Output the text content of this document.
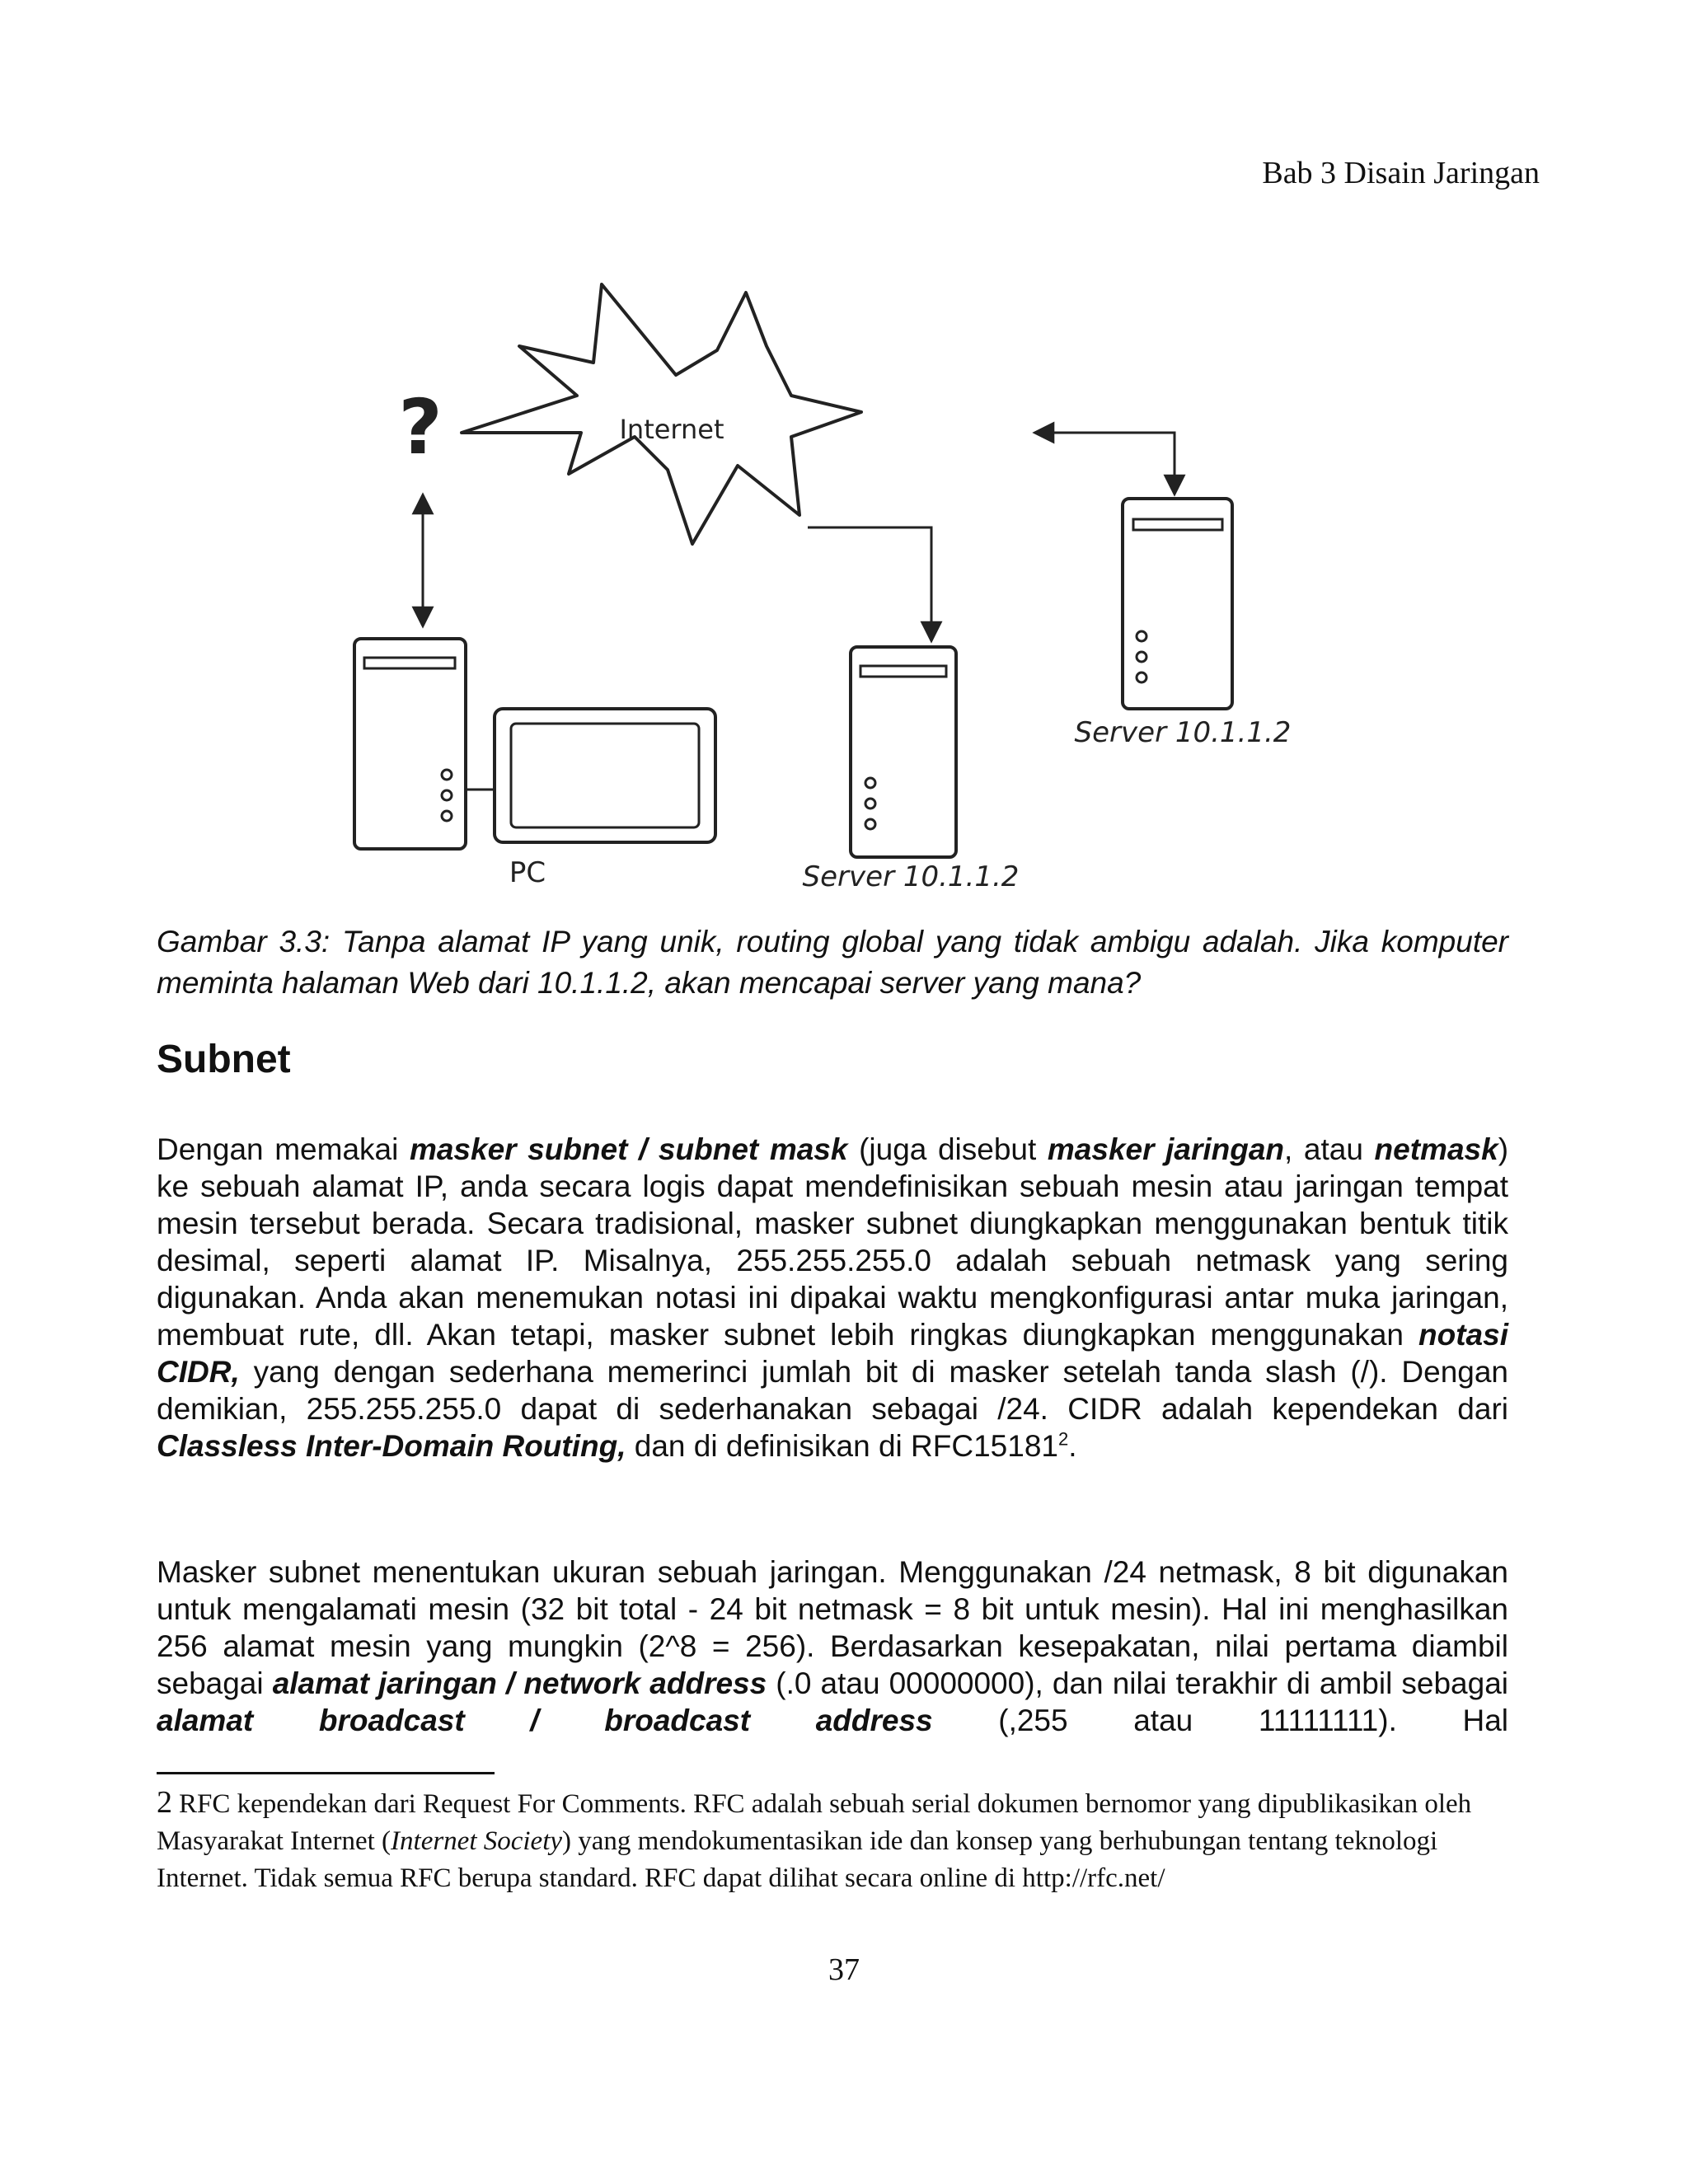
Bab 3 Disain Jaringan
Internet
?
PC	Server 10.1.1.2
Server 10.1.1.2
Gambar 3.3: Tanpa alamat IP yang unik, routing global yang tidak ambigu adalah. Jika komputer meminta halaman Web dari 10.1.1.2, akan mencapai server yang mana?
Subnet

Dengan memakai masker subnet / subnet mask (juga disebut masker jaringan, atau netmask) ke sebuah alamat IP, anda secara logis dapat mendefinisikan sebuah mesin atau jaringan tempat mesin tersebut berada. Secara tradisional, masker subnet diungkapkan menggunakan bentuk titik desimal, seperti alamat IP. Misalnya, 255.255.255.0 adalah sebuah netmask yang sering digunakan. Anda akan menemukan notasi ini dipakai waktu mengkonfigurasi antar muka jaringan, membuat rute, dll. Akan tetapi, masker subnet lebih ringkas diungkapkan menggunakan notasi CIDR, yang dengan sederhana memerinci jumlah bit di masker setelah tanda slash (/). Dengan demikian, 255.255.255.0 dapat di sederhanakan sebagai /24. CIDR adalah kependekan dari Classless Inter-Domain Routing, dan di definisikan di RFC15181$^2$.

Masker subnet menentukan ukuran sebuah jaringan. Menggunakan /24 netmask, 8 bit digunakan untuk mengalamati mesin (32 bit total - 24 bit netmask = 8 bit untuk mesin). Hal ini menghasilkan 256 alamat mesin yang mungkin (2^8 = 256). Berdasarkan kesepakatan, nilai pertama diambil sebagai alamat jaringan / network address (.0 atau 00000000), dan nilai terakhir di ambil sebagai alamat broadcast / broadcast address (,255 atau 11111111). Hal

2 RFC kependekan dari Request For Comments. RFC adalah sebuah serial dokumen bernomor yang dipublikasikan oleh Masyarakat Internet (Internet Society) yang mendokumentasikan ide dan konsep yang berhubungan tentang teknologi Internet. Tidak semua RFC berupa standard. RFC dapat dilihat secara online di http://rfc.net/
37
